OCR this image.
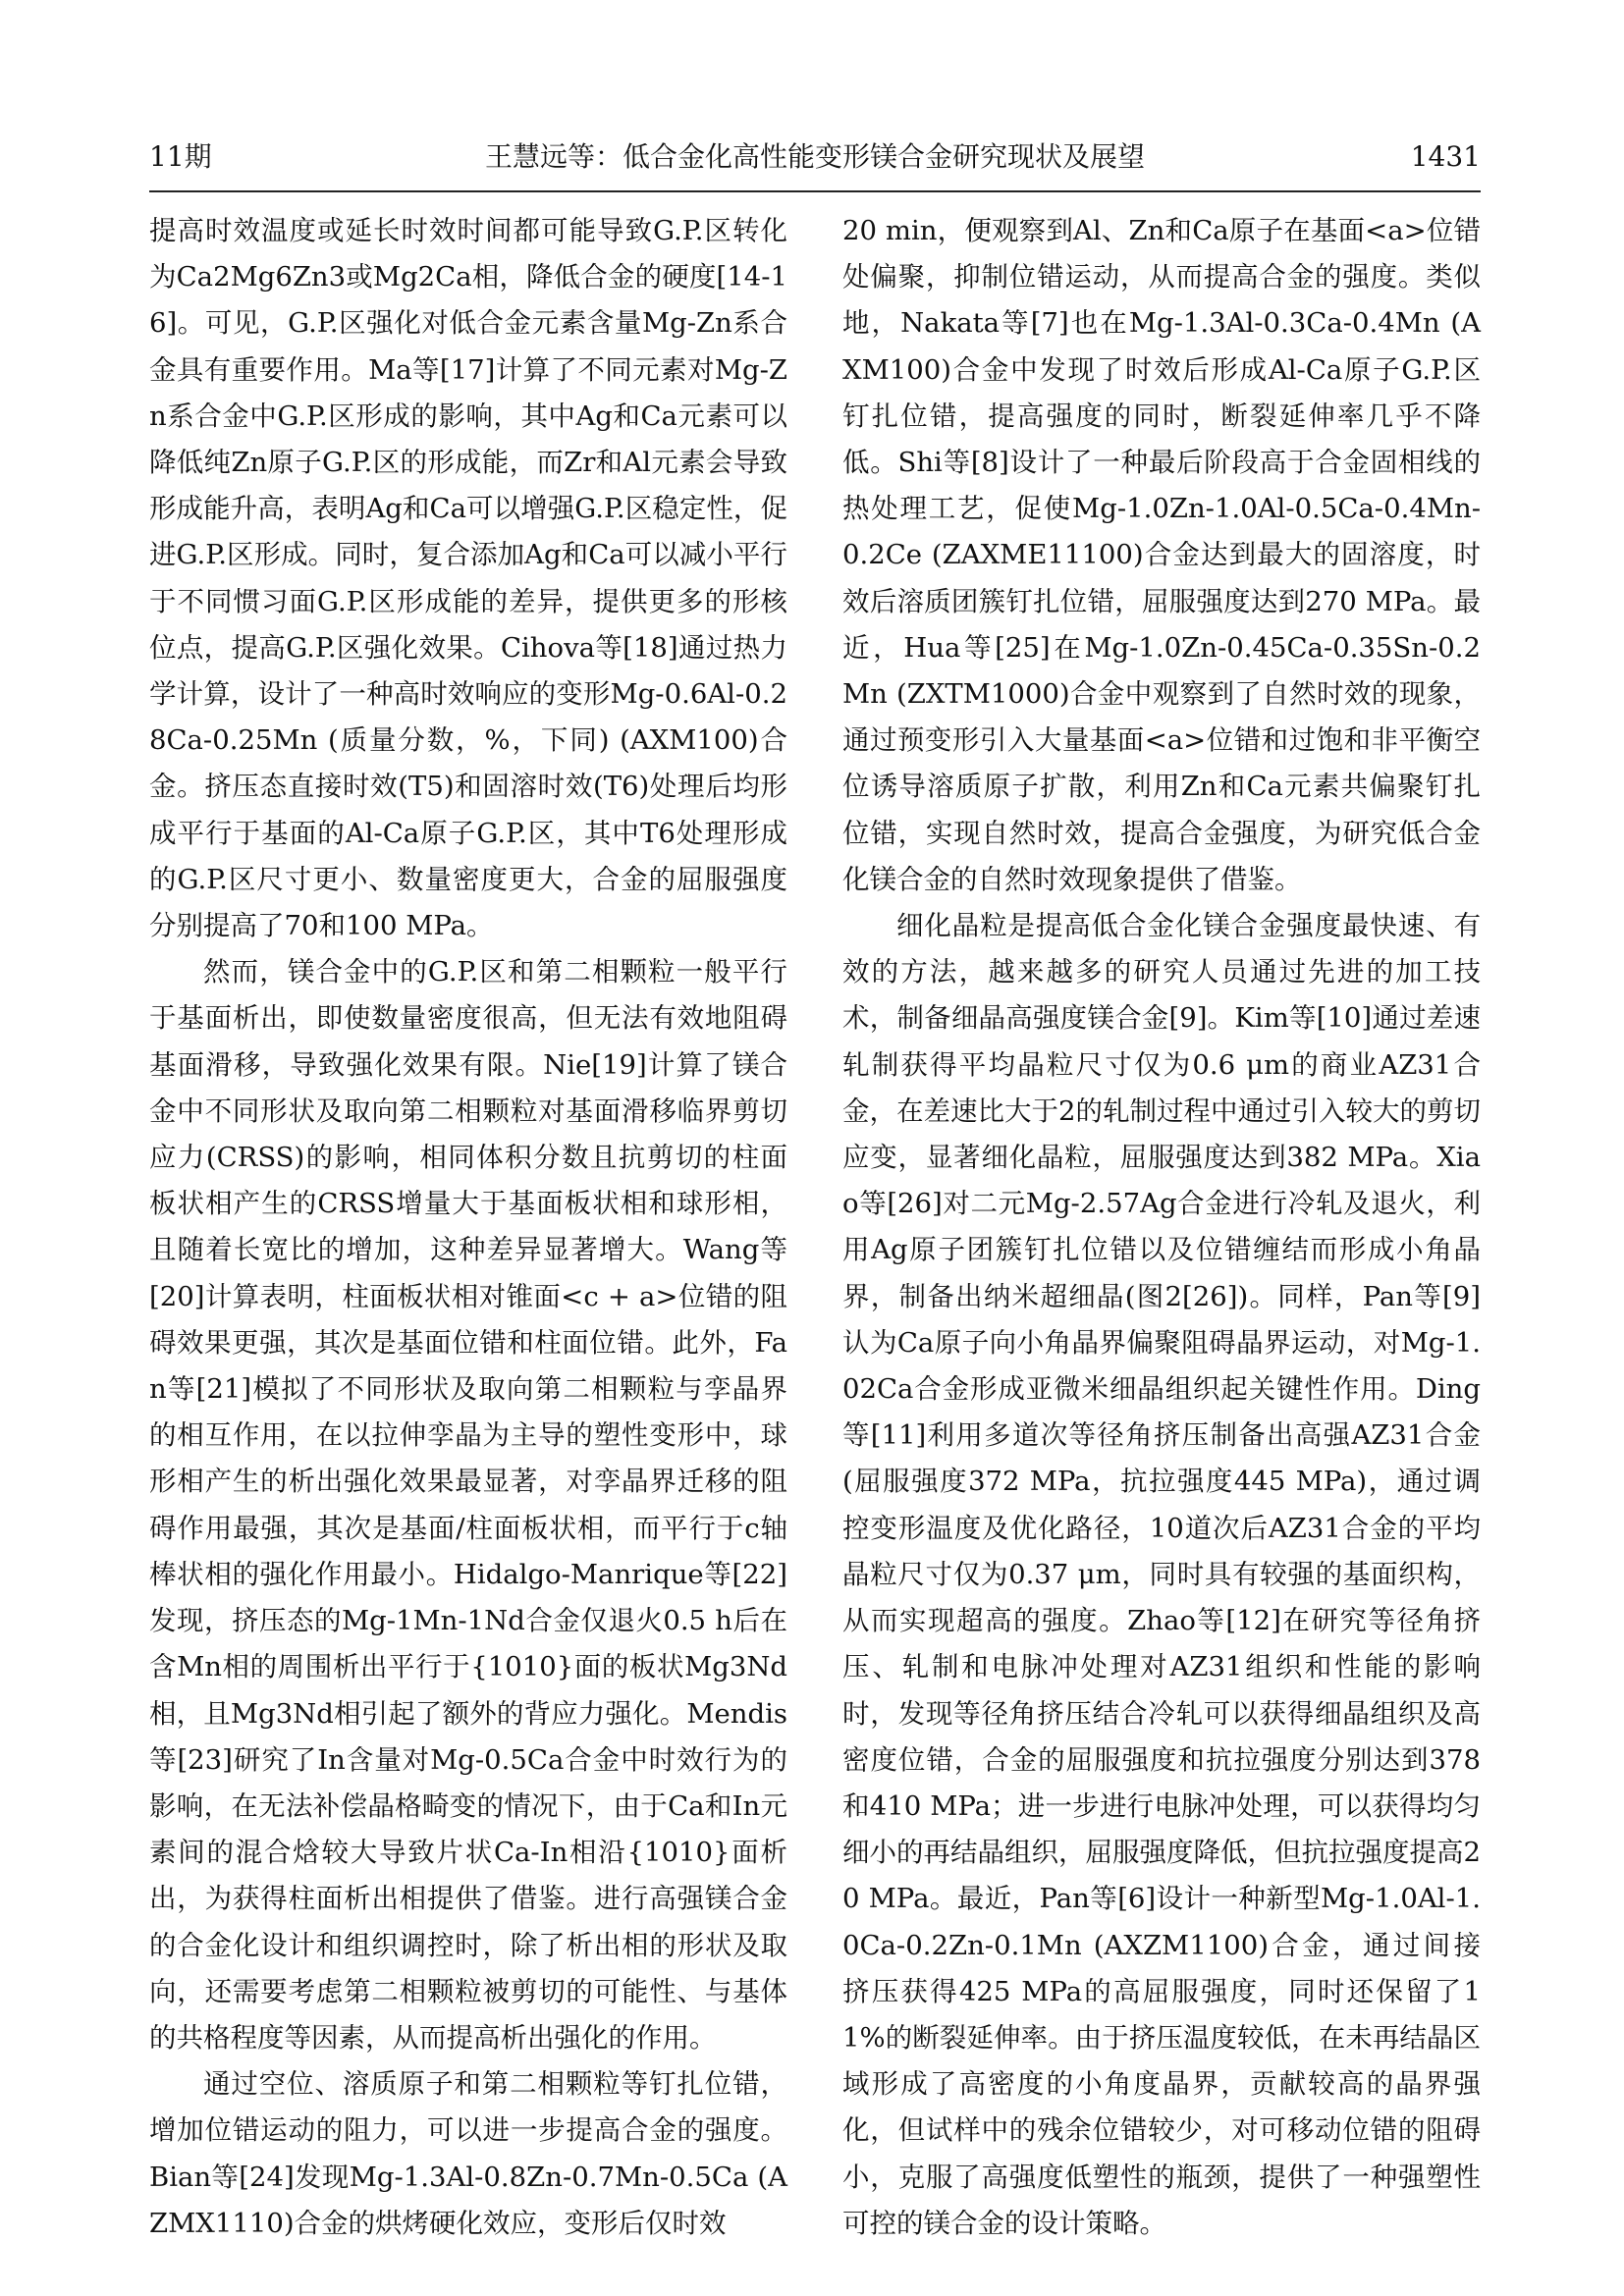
11期	王慧远等：低合金化高性能变形镁合金研究现状及展望	1431

提高时效温度或延长时效时间都可能导致G.P.区转化为Ca2Mg6Zn3或Mg2Ca相，降低合金的硬度[14-16]。可见，G.P.区强化对低合金元素含量Mg-Zn系合金具有重要作用。Ma等[17]计算了不同元素对Mg-Zn系合金中G.P.区形成的影响，其中Ag和Ca元素可以降低纯Zn原子G.P.区的形成能，而Zr和Al元素会导致形成能升高，表明Ag和Ca可以增强G.P.区稳定性，促进G.P.区形成。同时，复合添加Ag和Ca可以减小平行于不同惯习面G.P.区形成能的差异，提供更多的形核位点，提高G.P.区强化效果。Cihova等[18]通过热力学计算，设计了一种高时效响应的变形Mg-0.6Al-0.28Ca-0.25Mn (质量分数，%，下同) (AXM100)合金。挤压态直接时效(T5)和固溶时效(T6)处理后均形成平行于基面的Al-Ca原子G.P.区，其中T6处理形成的G.P.区尺寸更小、数量密度更大，合金的屈服强度分别提高了70和100 MPa。

然而，镁合金中的G.P.区和第二相颗粒一般平行于基面析出，即使数量密度很高，但无法有效地阻碍基面滑移，导致强化效果有限。Nie[19]计算了镁合金中不同形状及取向第二相颗粒对基面滑移临界剪切应力(CRSS)的影响，相同体积分数且抗剪切的柱面板状相产生的CRSS增量大于基面板状相和球形相，且随着长宽比的增加，这种差异显著增大。Wang等[20]计算表明，柱面板状相对锥面<c + a>位错的阻碍效果更强，其次是基面位错和柱面位错。此外，Fan等[21]模拟了不同形状及取向第二相颗粒与孪晶界的相互作用，在以拉伸孪晶为主导的塑性变形中，球形相产生的析出强化效果最显著，对孪晶界迁移的阻碍作用最强，其次是基面/柱面板状相，而平行于c轴棒状相的强化作用最小。Hidalgo-Manrique等[22]发现，挤压态的Mg-1Mn-1Nd合金仅退火0.5 h后在含Mn相的周围析出平行于{1010}面的板状Mg3Nd相，且Mg3Nd相引起了额外的背应力强化。Mendis等[23]研究了In含量对Mg-0.5Ca合金中时效行为的影响，在无法补偿晶格畸变的情况下，由于Ca和In元素间的混合焓较大导致片状Ca-In相沿{1010}面析出，为获得柱面析出相提供了借鉴。进行高强镁合金的合金化设计和组织调控时，除了析出相的形状及取向，还需要考虑第二相颗粒被剪切的可能性、与基体的共格程度等因素，从而提高析出强化的作用。

通过空位、溶质原子和第二相颗粒等钉扎位错，增加位错运动的阻力，可以进一步提高合金的强度。Bian等[24]发现Mg-1.3Al-0.8Zn-0.7Mn-0.5Ca (AZMX1110)合金的烘烤硬化效应，变形后仅时效

20 min，便观察到Al、Zn和Ca原子在基面<a>位错处偏聚，抑制位错运动，从而提高合金的强度。类似地，Nakata等[7]也在Mg-1.3Al-0.3Ca-0.4Mn (AXM100)合金中发现了时效后形成Al-Ca原子G.P.区钉扎位错，提高强度的同时，断裂延伸率几乎不降低。Shi等[8]设计了一种最后阶段高于合金固相线的热处理工艺，促使Mg-1.0Zn-1.0Al-0.5Ca-0.4Mn-0.2Ce (ZAXME11100)合金达到最大的固溶度，时效后溶质团簇钉扎位错，屈服强度达到270 MPa。最近，Hua等[25]在Mg-1.0Zn-0.45Ca-0.35Sn-0.2Mn (ZXTM1000)合金中观察到了自然时效的现象，通过预变形引入大量基面<a>位错和过饱和非平衡空位诱导溶质原子扩散，利用Zn和Ca元素共偏聚钉扎位错，实现自然时效，提高合金强度，为研究低合金化镁合金的自然时效现象提供了借鉴。

细化晶粒是提高低合金化镁合金强度最快速、有效的方法，越来越多的研究人员通过先进的加工技术，制备细晶高强度镁合金[9]。Kim等[10]通过差速轧制获得平均晶粒尺寸仅为0.6 μm的商业AZ31合金，在差速比大于2的轧制过程中通过引入较大的剪切应变，显著细化晶粒，屈服强度达到382 MPa。Xiao等[26]对二元Mg-2.57Ag合金进行冷轧及退火，利用Ag原子团簇钉扎位错以及位错缠结而形成小角晶界，制备出纳米超细晶(图2[26])。同样，Pan等[9]认为Ca原子向小角晶界偏聚阻碍晶界运动，对Mg-1.02Ca合金形成亚微米细晶组织起关键性作用。Ding等[11]利用多道次等径角挤压制备出高强AZ31合金(屈服强度372 MPa，抗拉强度445 MPa)，通过调控变形温度及优化路径，10道次后AZ31合金的平均晶粒尺寸仅为0.37 μm，同时具有较强的基面织构，从而实现超高的强度。Zhao等[12]在研究等径角挤压、轧制和电脉冲处理对AZ31组织和性能的影响时，发现等径角挤压结合冷轧可以获得细晶组织及高密度位错，合金的屈服强度和抗拉强度分别达到378和410 MPa；进一步进行电脉冲处理，可以获得均匀细小的再结晶组织，屈服强度降低，但抗拉强度提高20 MPa。最近，Pan等[6]设计一种新型Mg-1.0Al-1.0Ca-0.2Zn-0.1Mn (AXZM1100)合金，通过间接挤压获得425 MPa的高屈服强度，同时还保留了11%的断裂延伸率。由于挤压温度较低，在未再结晶区域形成了高密度的小角度晶界，贡献较高的晶界强化，但试样中的残余位错较少，对可移动位错的阻碍小，克服了高强度低塑性的瓶颈，提供了一种强塑性可控的镁合金的设计策略。
